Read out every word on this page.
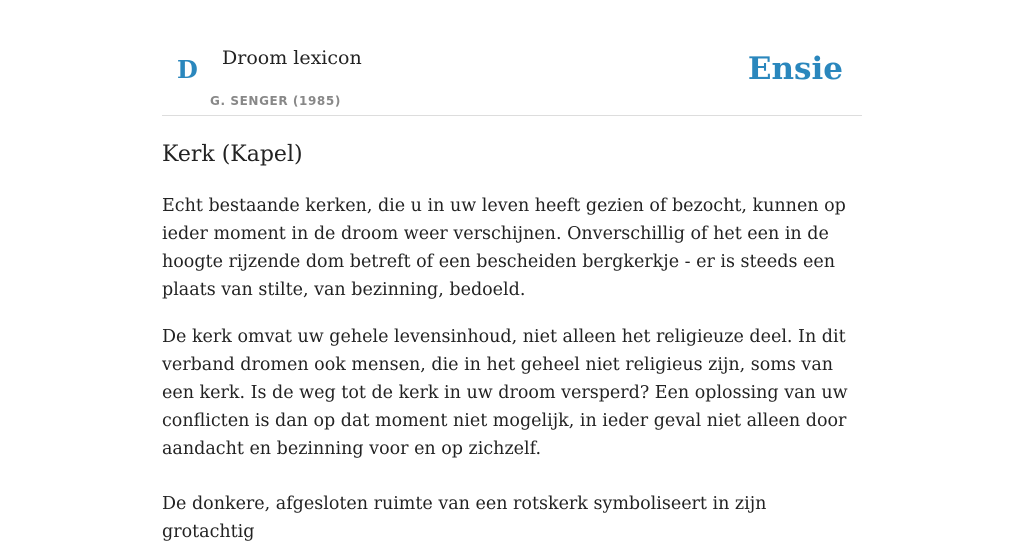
D Droom lexicon
G. SENGER (1985)
Ensie
Kerk (Kapel)

Echt bestaande kerken, die u in uw leven heeft gezien of bezocht, kunnen op ieder moment in de droom weer verschijnen. Onverschillig of het een in de hoogte rijzende dom betreft of een bescheiden bergkerkje - er is steeds een plaats van stilte, van bezinning, bedoeld.

De kerk omvat uw gehele levensinhoud, niet alleen het religieuze deel. In dit verband dromen ook mensen, die in het geheel niet religieus zijn, soms van een kerk. Is de weg tot de kerk in uw droom versperd? Een oplossing van uw conflicten is dan op dat moment niet mogelijk, in ieder geval niet alleen door aandacht en bezinning voor en op zichzelf.

De donkere, afgesloten ruimte van een rotskerk symboliseert in zijn grotachtig
